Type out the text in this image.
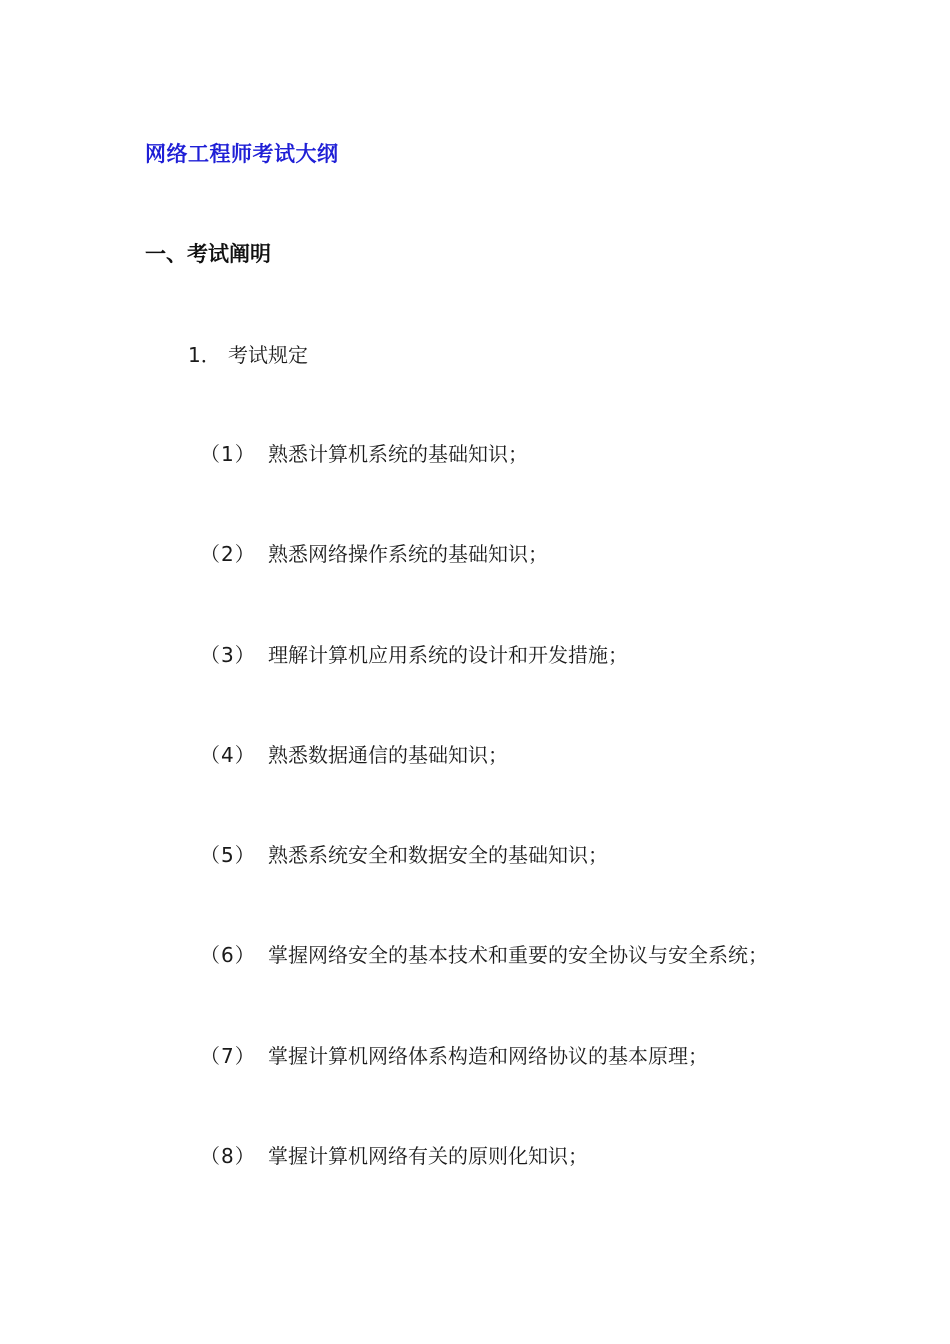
网络工程师考试大纲
一、考试阐明
1． 考试规定
（1） 熟悉计算机系统的基础知识；
（2） 熟悉网络操作系统的基础知识；
（3） 理解计算机应用系统的设计和开发措施；
（4） 熟悉数据通信的基础知识；
（5） 熟悉系统安全和数据安全的基础知识；
（6） 掌握网络安全的基本技术和重要的安全协议与安全系统；
（7） 掌握计算机网络体系构造和网络协议的基本原理；
（8） 掌握计算机网络有关的原则化知识；
